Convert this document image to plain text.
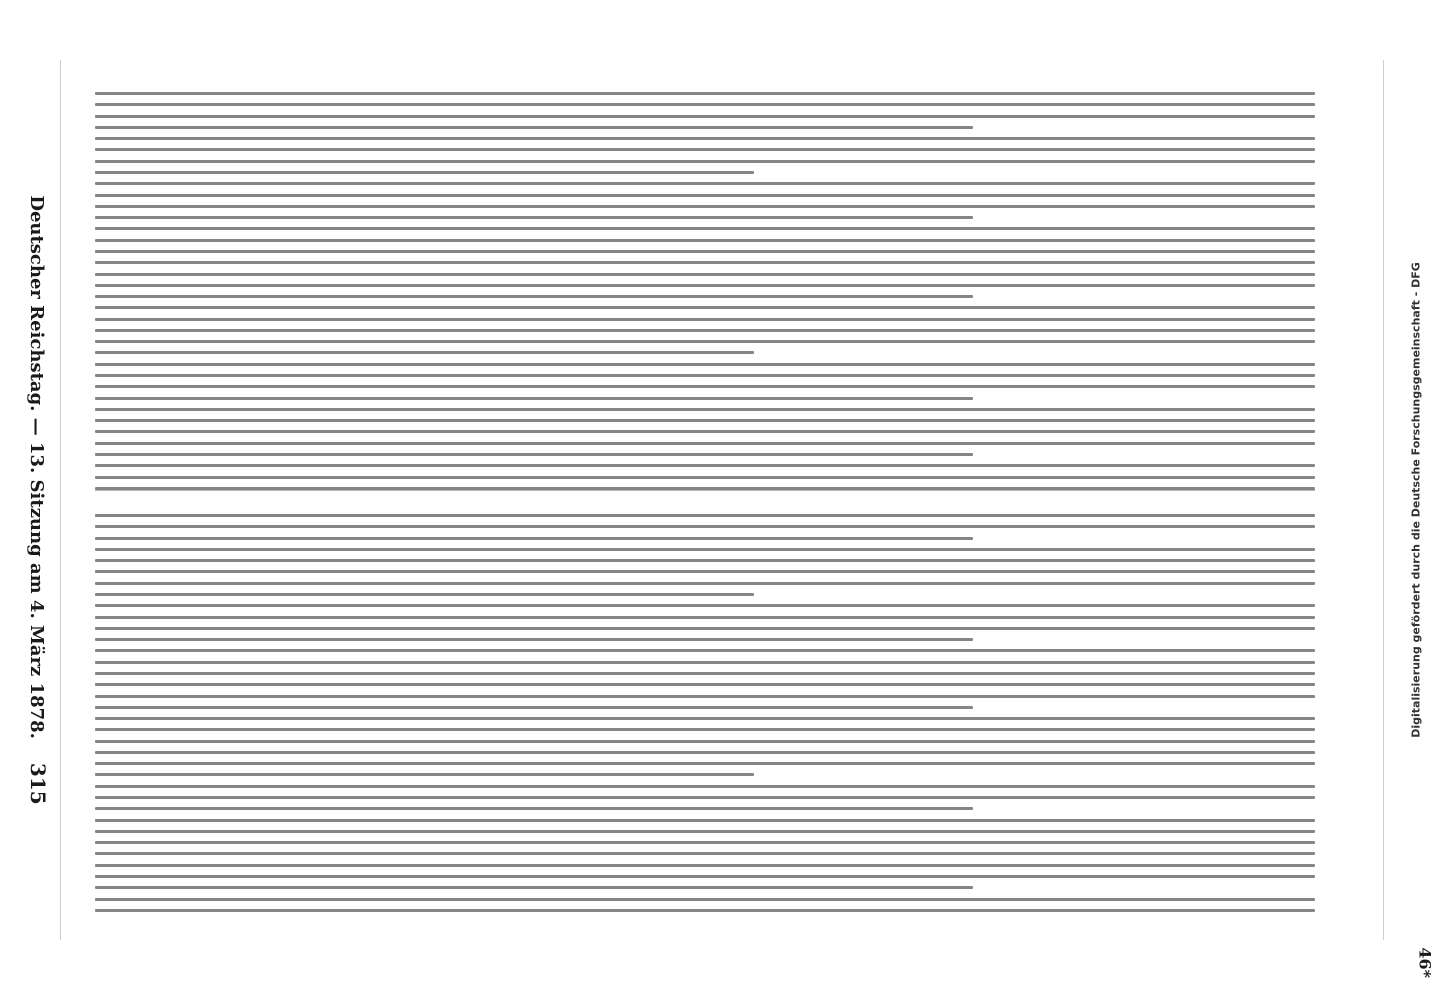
Deutscher Reichstag. — 13. Sitzung am 4. März 1878.
315
46*
Digitalisierung gefördert durch die Deutsche Forschungsgemeinschaft - DFG
